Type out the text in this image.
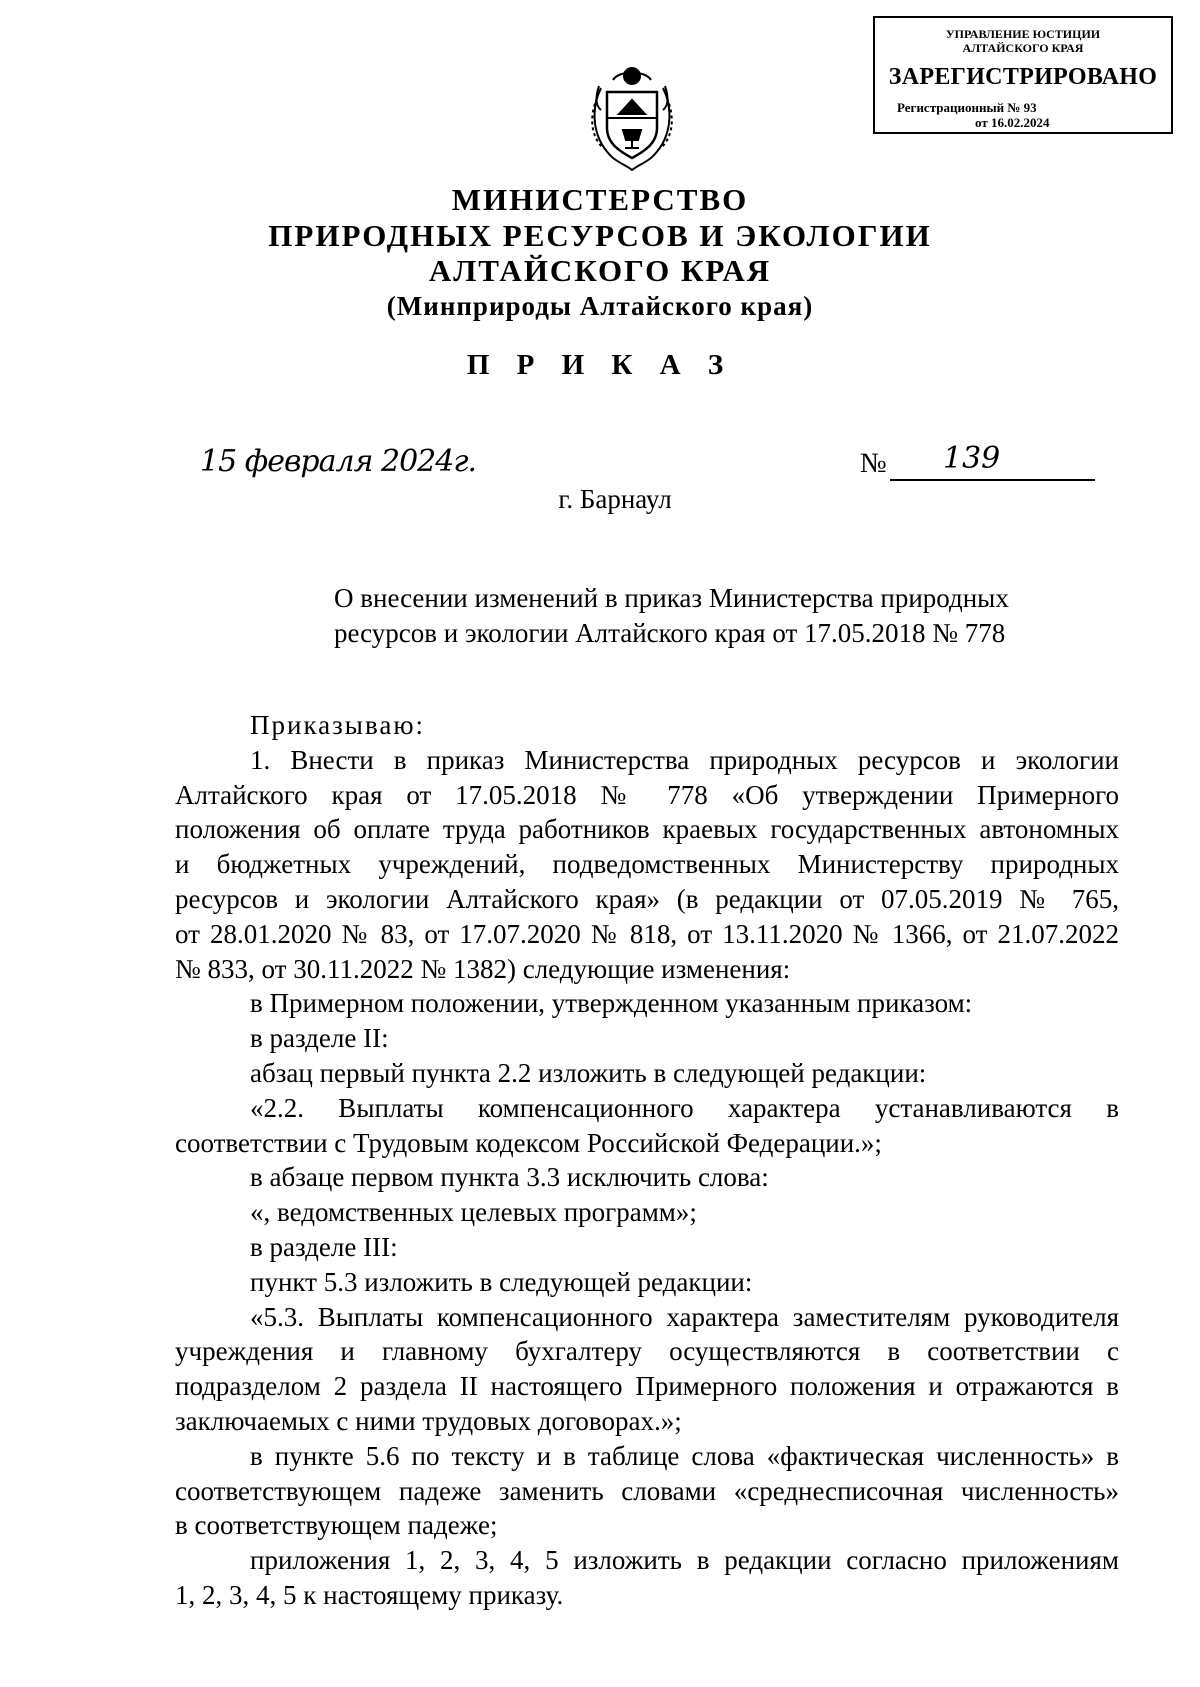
УПРАВЛЕНИЕ ЮСТИЦИИ
АЛТАЙСКОГО КРАЯ
ЗАРЕГИСТРИРОВАНО
Регистрационный № 93
от 16.02.2024
МИНИСТЕРСТВО
ПРИРОДНЫХ РЕСУРСОВ И ЭКОЛОГИИ
АЛТАЙСКОГО КРАЯ
(Минприроды Алтайского края)
П Р И К А З
15 февраля 2024г.	№ 139
г. Барнаул
О внесении изменений в приказ Министерства природных
ресурсов и экологии Алтайского края от 17.05.2018 № 778
Приказываю:
1. Внести в приказ Министерства природных ресурсов и экологии
Алтайского края от 17.05.2018 № 778 «Об утверждении Примерного
положения об оплате труда работников краевых государственных автономных
и бюджетных учреждений, подведомственных Министерству природных
ресурсов и экологии Алтайского края» (в редакции от 07.05.2019 № 765,
от 28.01.2020 № 83, от 17.07.2020 № 818, от 13.11.2020 № 1366, от 21.07.2022
№ 833, от 30.11.2022 № 1382) следующие изменения:
в Примерном положении, утвержденном указанным приказом:
в разделе II:
абзац первый пункта 2.2 изложить в следующей редакции:
«2.2. Выплаты компенсационного характера устанавливаются в
соответствии с Трудовым кодексом Российской Федерации.»;
в абзаце первом пункта 3.3 исключить слова:
«, ведомственных целевых программ»;
в разделе III:
пункт 5.3 изложить в следующей редакции:
«5.3. Выплаты компенсационного характера заместителям руководителя
учреждения и главному бухгалтеру осуществляются в соответствии с
подразделом 2 раздела II настоящего Примерного положения и отражаются в
заключаемых с ними трудовых договорах.»;
в пункте 5.6 по тексту и в таблице слова «фактическая численность» в
соответствующем падеже заменить словами «среднесписочная численность»
в соответствующем падеже;
приложения 1, 2, 3, 4, 5 изложить в редакции согласно приложениям
1, 2, 3, 4, 5 к настоящему приказу.
